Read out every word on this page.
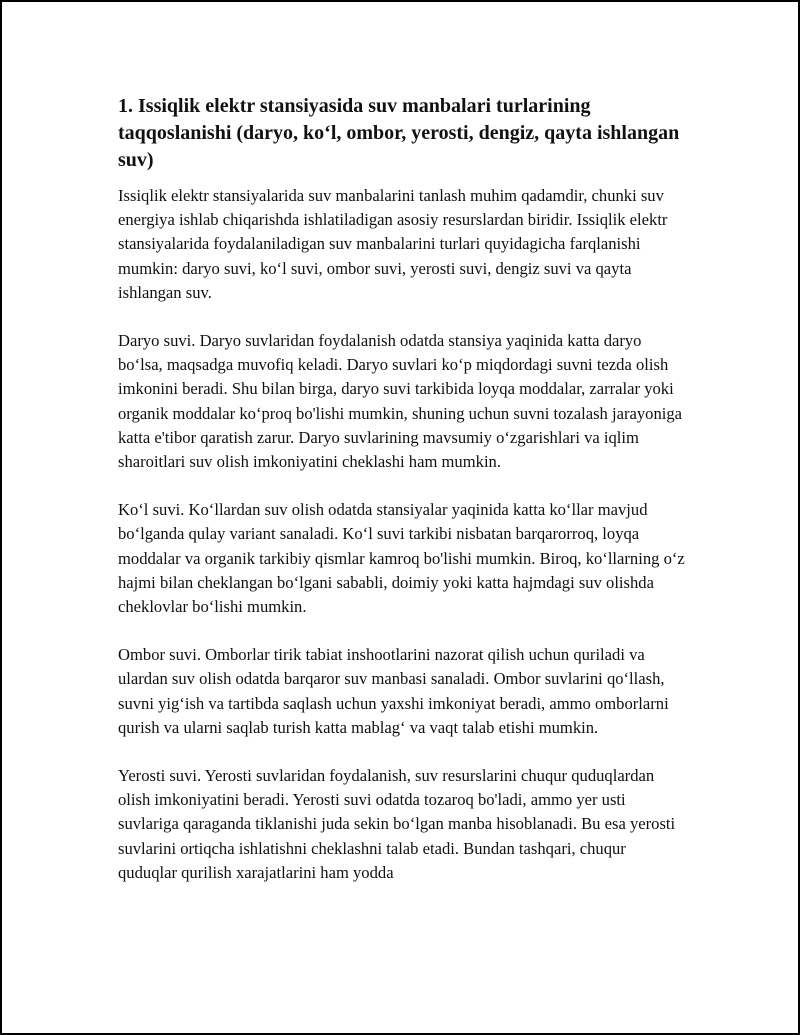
1. Issiqlik elektr stansiyasida suv manbalari turlarining taqqoslanishi (daryo, ko‘l, ombor, yerosti, dengiz, qayta ishlangan suv)

Issiqlik elektr stansiyalarida suv manbalarini tanlash muhim qadamdir, chunki suv energiya ishlab chiqarishda ishlatiladigan asosiy resurslardan biridir. Issiqlik elektr stansiyalarida foydalaniladigan suv manbalarini turlari quyidagicha farqlanishi mumkin: daryo suvi, ko‘l suvi, ombor suvi, yerosti suvi, dengiz suvi va qayta ishlangan suv.

Daryo suvi. Daryo suvlaridan foydalanish odatda stansiya yaqinida katta daryo bo‘lsa, maqsadga muvofiq keladi. Daryo suvlari ko‘p miqdordagi suvni tezda olish imkonini beradi. Shu bilan birga, daryo suvi tarkibida loyqa moddalar, zarralar yoki organik moddalar ko‘proq bo'lishi mumkin, shuning uchun suvni tozalash jarayoniga katta e'tibor qaratish zarur. Daryo suvlarining mavsumiy o‘zgarishlari va iqlim sharoitlari suv olish imkoniyatini cheklashi ham mumkin.

Ko‘l suvi. Ko‘llardan suv olish odatda stansiyalar yaqinida katta ko‘llar mavjud bo‘lganda qulay variant sanaladi. Ko‘l suvi tarkibi nisbatan barqarorroq, loyqa moddalar va organik tarkibiy qismlar kamroq bo'lishi mumkin. Biroq, ko‘llarning o‘z hajmi bilan cheklangan bo‘lgani sababli, doimiy yoki katta hajmdagi suv olishda cheklovlar bo‘lishi mumkin.

Ombor suvi. Omborlar tirik tabiat inshootlarini nazorat qilish uchun quriladi va ulardan suv olish odatda barqaror suv manbasi sanaladi. Ombor suvlarini qo‘llash, suvni yig‘ish va tartibda saqlash uchun yaxshi imkoniyat beradi, ammo omborlarni qurish va ularni saqlab turish katta mablag‘ va vaqt talab etishi mumkin.

Yerosti suvi. Yerosti suvlaridan foydalanish, suv resurslarini chuqur quduqlardan olish imkoniyatini beradi. Yerosti suvi odatda tozaroq bo'ladi, ammo yer usti suvlariga qaraganda tiklanishi juda sekin bo‘lgan manba hisoblanadi. Bu esa yerosti suvlarini ortiqcha ishlatishni cheklashni talab etadi. Bundan tashqari, chuqur quduqlar qurilish xarajatlarini ham yodda
